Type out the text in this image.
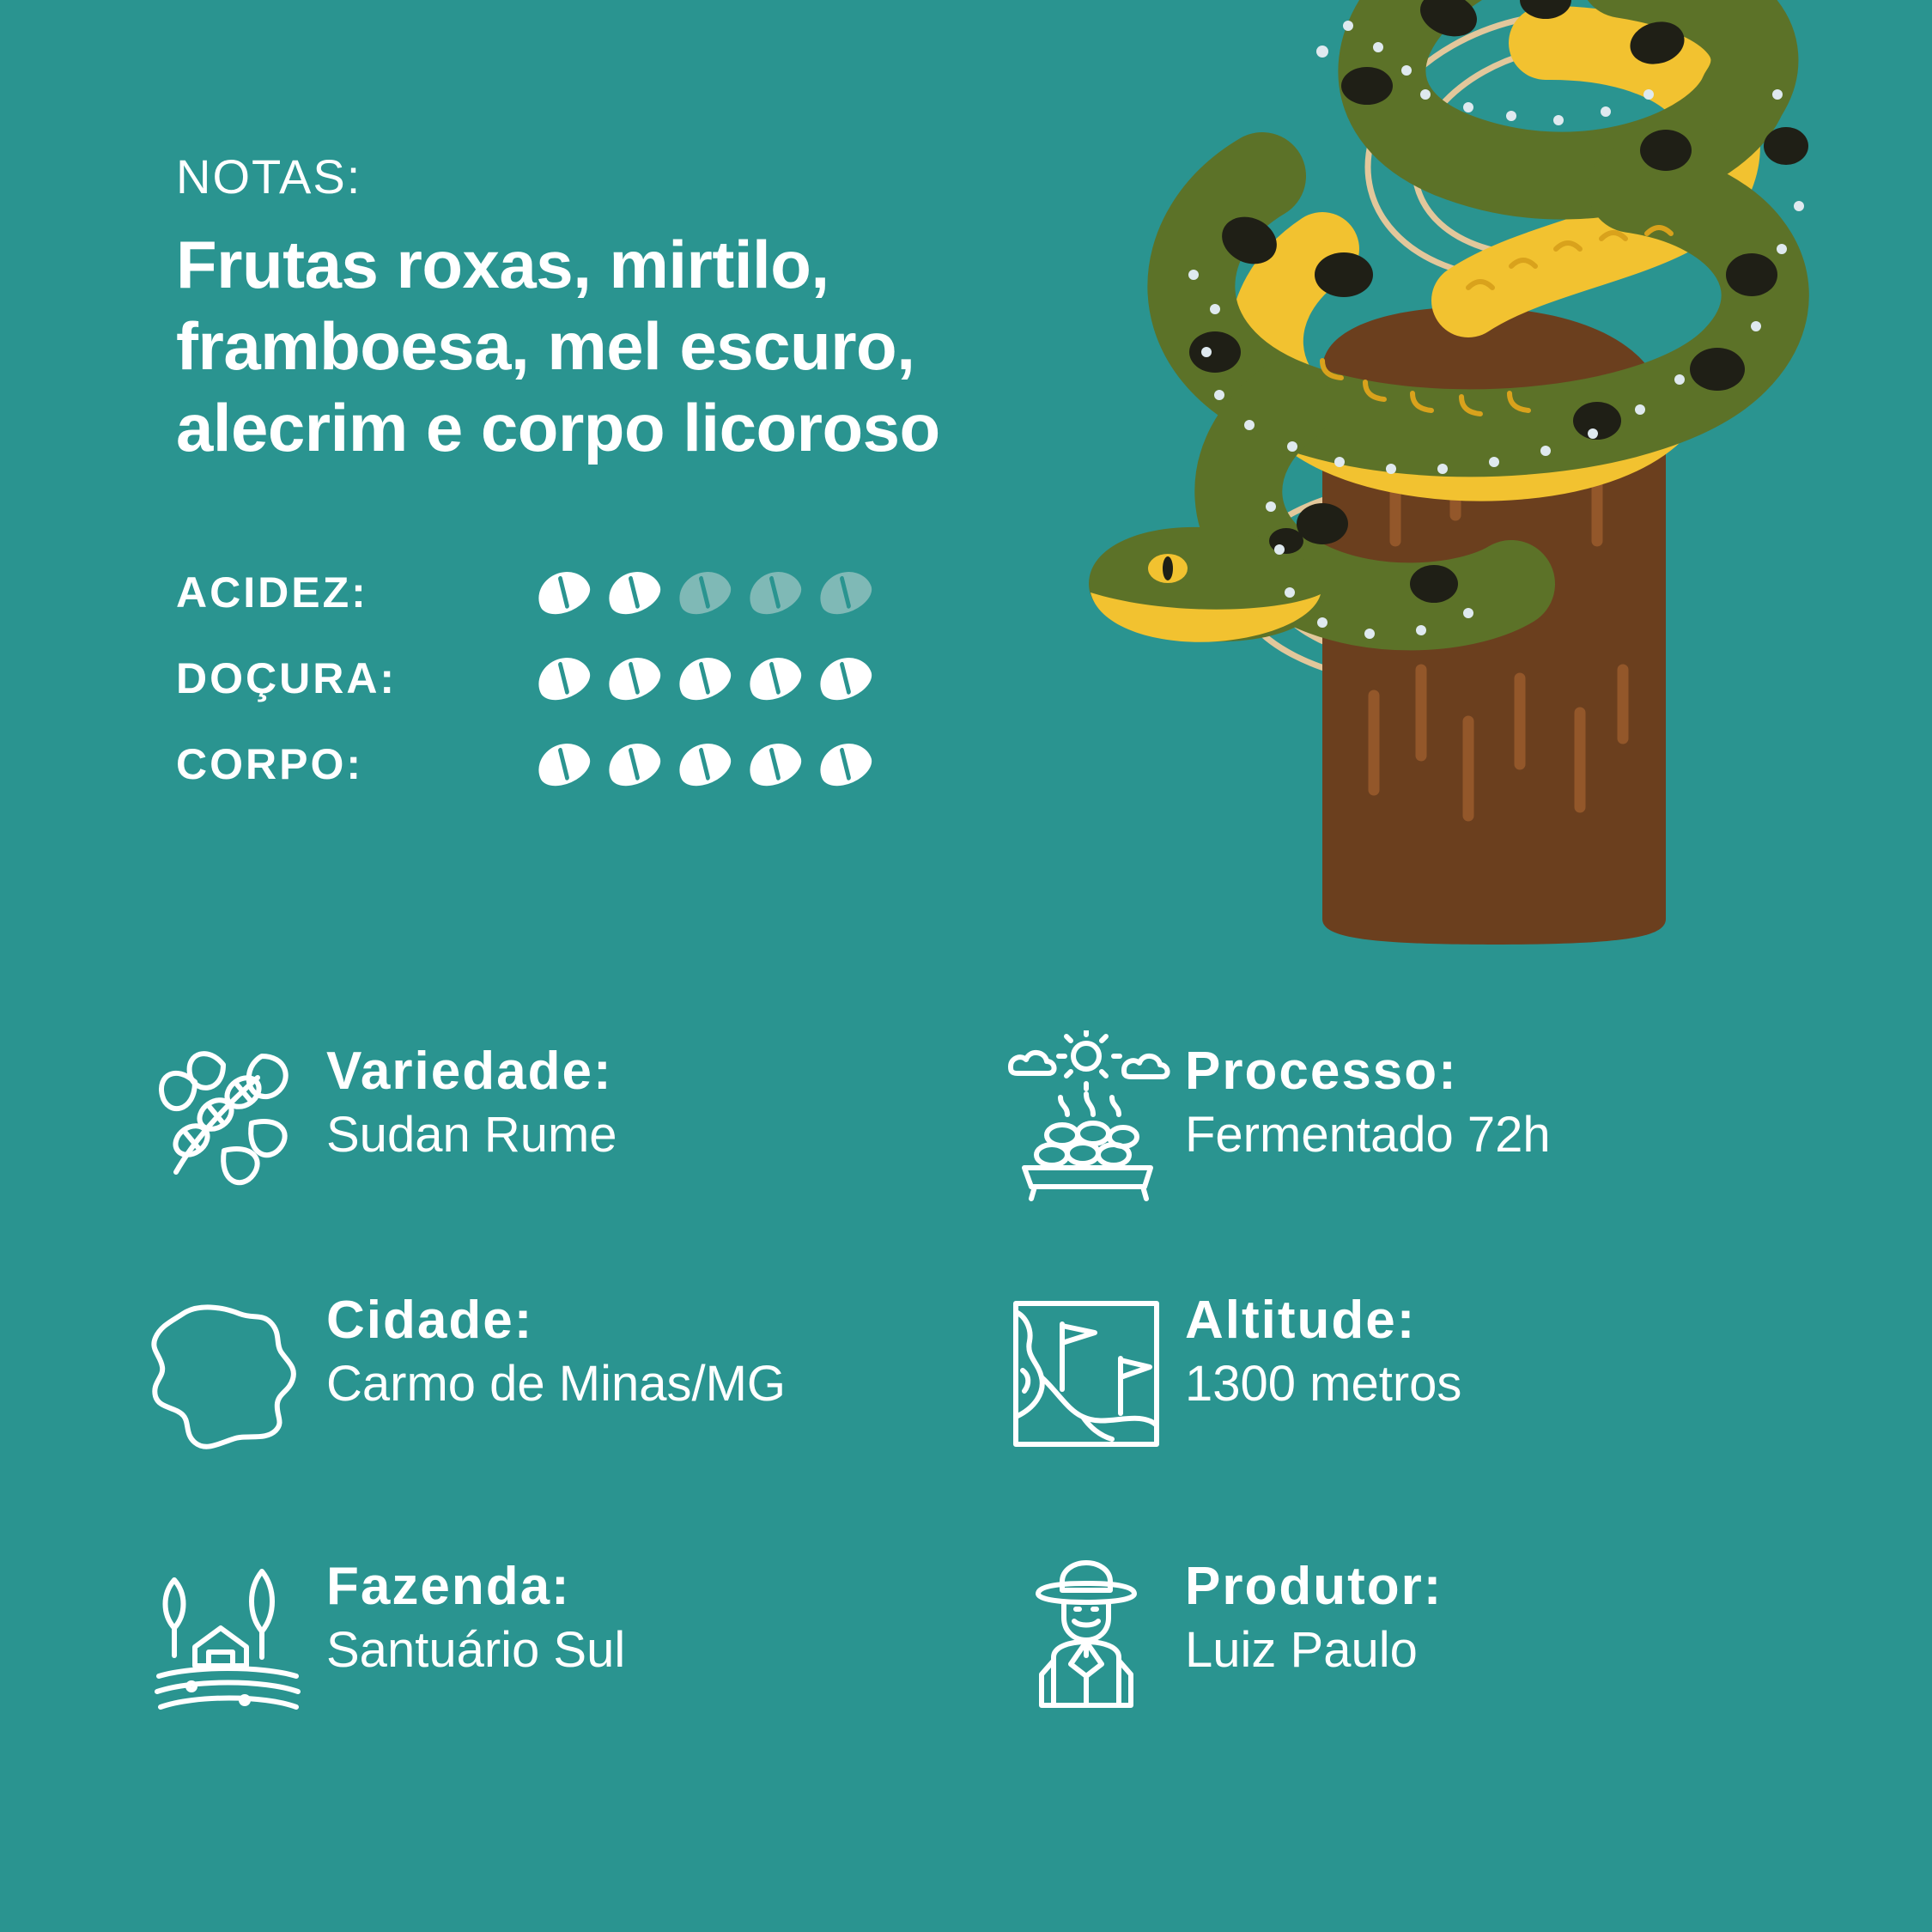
NOTAS:
Frutas roxas, mirtilo, framboesa, mel escuro, alecrim e corpo licoroso
ACIDEZ:
DOÇURA:
CORPO:
Variedade:
Sudan Rume
Processo:
Fermentado 72h
Cidade:
Carmo de Minas/MG
Altitude:
1300 metros
Fazenda:
Santuário Sul
Produtor:
Luiz Paulo
